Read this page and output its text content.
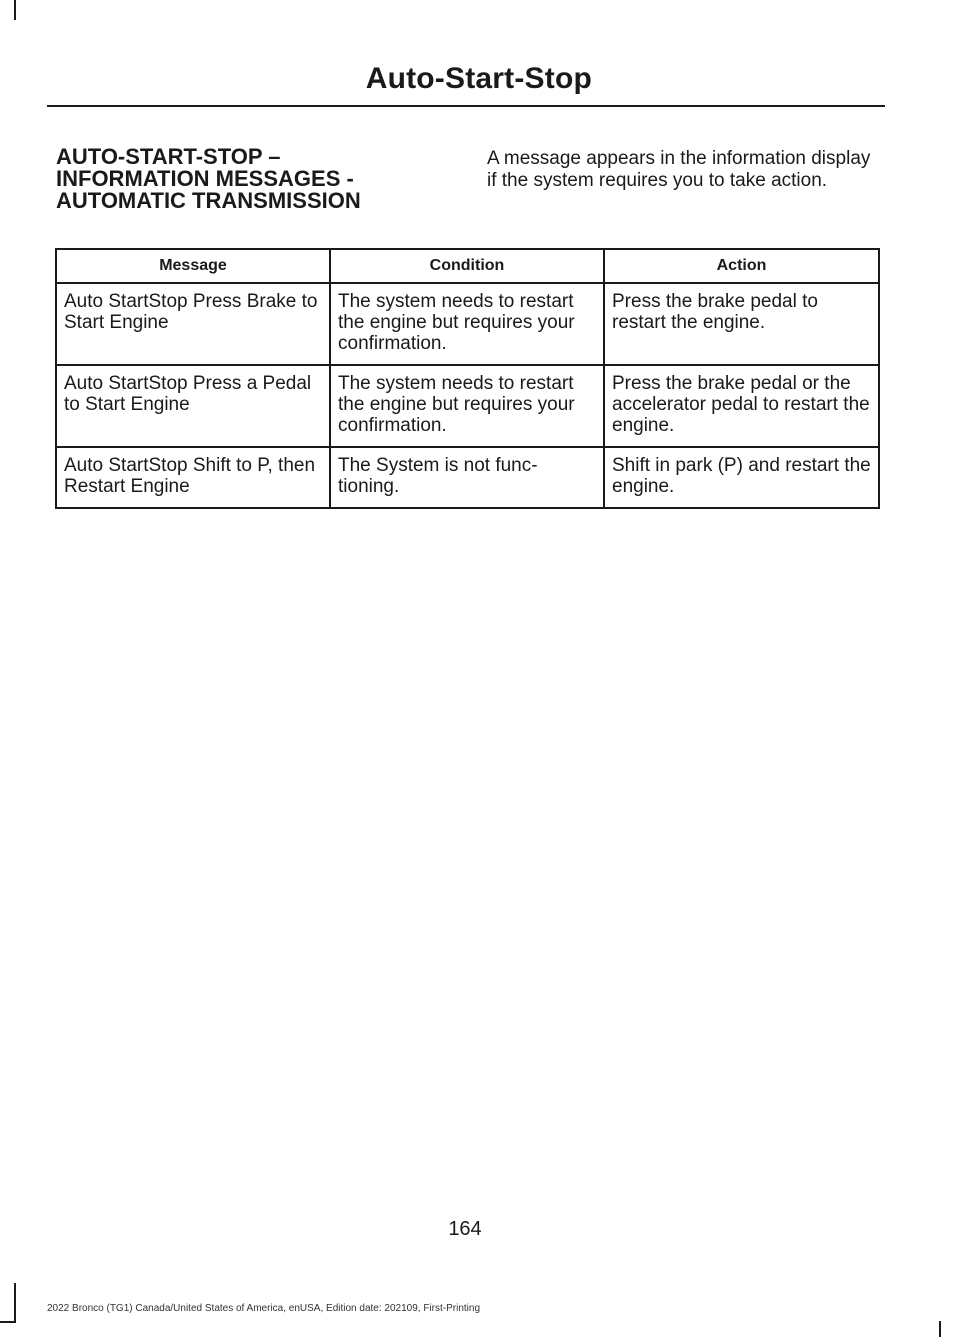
Auto-Start-Stop
AUTO-START-STOP –
INFORMATION MESSAGES -
AUTOMATIC TRANSMISSION
A message appears in the information display if the system requires you to take action.
Message	Condition	Action
Auto StartStop Press Brake to Start Engine	The system needs to restart the engine but requires your confirmation.	Press the brake pedal to restart the engine.
Auto StartStop Press a Pedal to Start Engine	The system needs to restart the engine but requires your confirmation.	Press the brake pedal or the accelerator pedal to restart the engine.
Auto StartStop Shift to P, then Restart Engine	The System is not func-tioning.	Shift in park (P) and restart the engine.
164
2022 Bronco (TG1) Canada/United States of America, enUSA, Edition date: 202109, First-Printing
